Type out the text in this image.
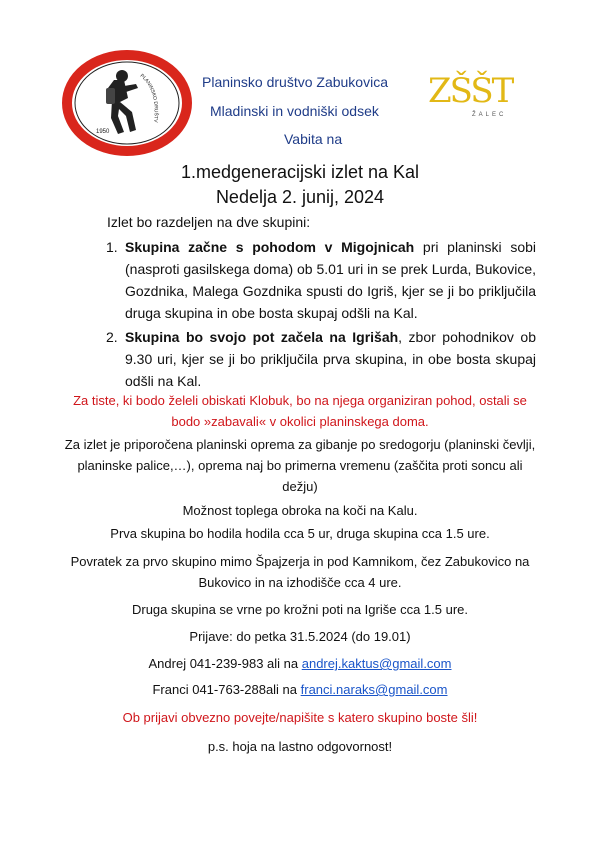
1950
PLANINSKO DRUŠTV
Planinsko društvo Zabukovica
Mladinski in vodniški odsek
Vabita na
ZŠŠT
ŽALEC
1.medgeneracijski izlet na Kal
Nedelja 2. junij, 2024
Izlet bo razdeljen na dve skupini:
1. Skupina začne s pohodom v Migojnicah pri planinski sobi (nasproti gasilskega doma) ob 5.01 uri in se prek Lurda, Bukovice, Gozdnika, Malega Gozdnika spusti do Igriš, kjer se ji bo priključila druga skupina in obe bosta skupaj odšli na Kal.
2. Skupina bo svojo pot začela na Igrišah, zbor pohodnikov ob 9.30 uri, kjer se ji bo priključila prva skupina, in obe bosta skupaj odšli na Kal.
Za tiste, ki bodo želeli obiskati Klobuk, bo na njega organiziran pohod, ostali se bodo »zabavali« v okolici planinskega doma.
Za izlet je priporočena planinski oprema za gibanje po sredogorju (planinski čevlji, planinske palice,…), oprema naj bo primerna vremenu (zaščita proti soncu ali dežju)
Možnost toplega obroka na koči na Kalu.
Prva skupina bo hodila hodila cca 5 ur, druga skupina cca 1.5 ure.
Povratek za prvo skupino mimo Špajzerja in pod Kamnikom, čez Zabukovico na Bukovico in na izhodišče cca 4 ure.
Druga skupina se vrne po krožni poti na Igriše cca 1.5 ure.
Prijave: do petka 31.5.2024 (do 19.01)
Andrej 041-239-983 ali na andrej.kaktus@gmail.com
Franci 041-763-288ali na franci.naraks@gmail.com
Ob prijavi obvezno povejte/napišite s katero skupino boste šli!
p.s. hoja na lastno odgovornost!
